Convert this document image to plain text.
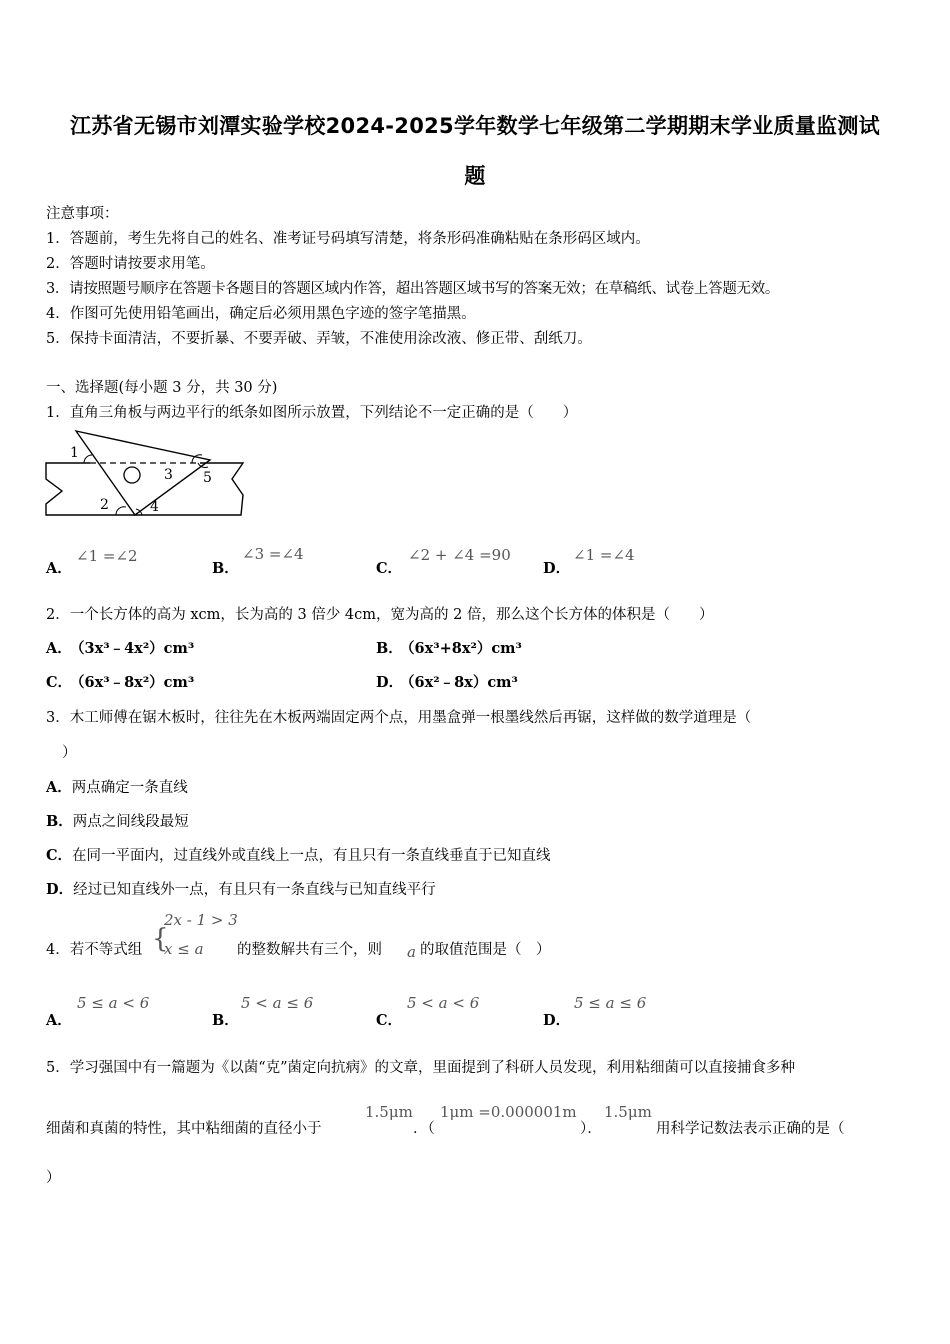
江苏省无锡市刘潭实验学校2024-2025学年数学七年级第二学期期末学业质量监测试
题
注意事项：
1．答题前，考生先将自己的姓名、准考证号码填写清楚，将条形码准确粘贴在条形码区域内。
2．答题时请按要求用笔。
3．请按照题号顺序在答题卡各题目的答题区域内作答，超出答题区域书写的答案无效；在草稿纸、试卷上答题无效。
4．作图可先使用铅笔画出，确定后必须用黑色字迹的签字笔描黑。
5．保持卡面清洁，不要折暴、不要弄破、弄皱，不准使用涂改液、修正带、刮纸刀。
一、选择题(每小题 3 分，共 30 分)
1．直角三角板与两边平行的纸条如图所示放置，下列结论不一定正确的是（　　）
1
2
3
4
5
A．
∠1 =∠2
B．
∠3 =∠4
C．
∠2 + ∠4 =90
D．
∠1 =∠4
2．一个长方体的高为 xcm，长为高的 3 倍少 4cm，宽为高的 2 倍，那么这个长方体的体积是（　　）
A．
（3x³﹣4x²）cm³	B．
（6x³+8x²）cm³
C．
（6x³﹣8x²）cm³	D．
（6x²﹣8x）cm³
3．木工师傅在锯木板时，往往先在木板两端固定两个点，用墨盒弹一根墨线然后再锯，这样做的数学道理是（
）
A．两点确定一条直线
B．两点之间线段最短
C．在同一平面内，过直线外或直线上一点，有且只有一条直线垂直于已知直线
D．经过已知直线外一点，有且只有一条直线与已知直线平行
4．若不等式组 {
2x - 1 > 3
x ≤ a 的整数解共有三个，则 a 的取值范围是（　）
A．
5 ≤ a < 6
B．
5 < a ≤ 6
C．
5 < a < 6
D．
5 ≤ a ≤ 6
5．学习强国中有一篇题为《以菌“克”菌定向抗病》的文章，里面提到了科研人员发现，利用粘细菌可以直接捕食多种
细菌和真菌的特性，其中粘细菌的直径小于
1.5μm
．（
1μm =0.000001m
）．
1.5μm
用科学记数法表示正确的是（
）
